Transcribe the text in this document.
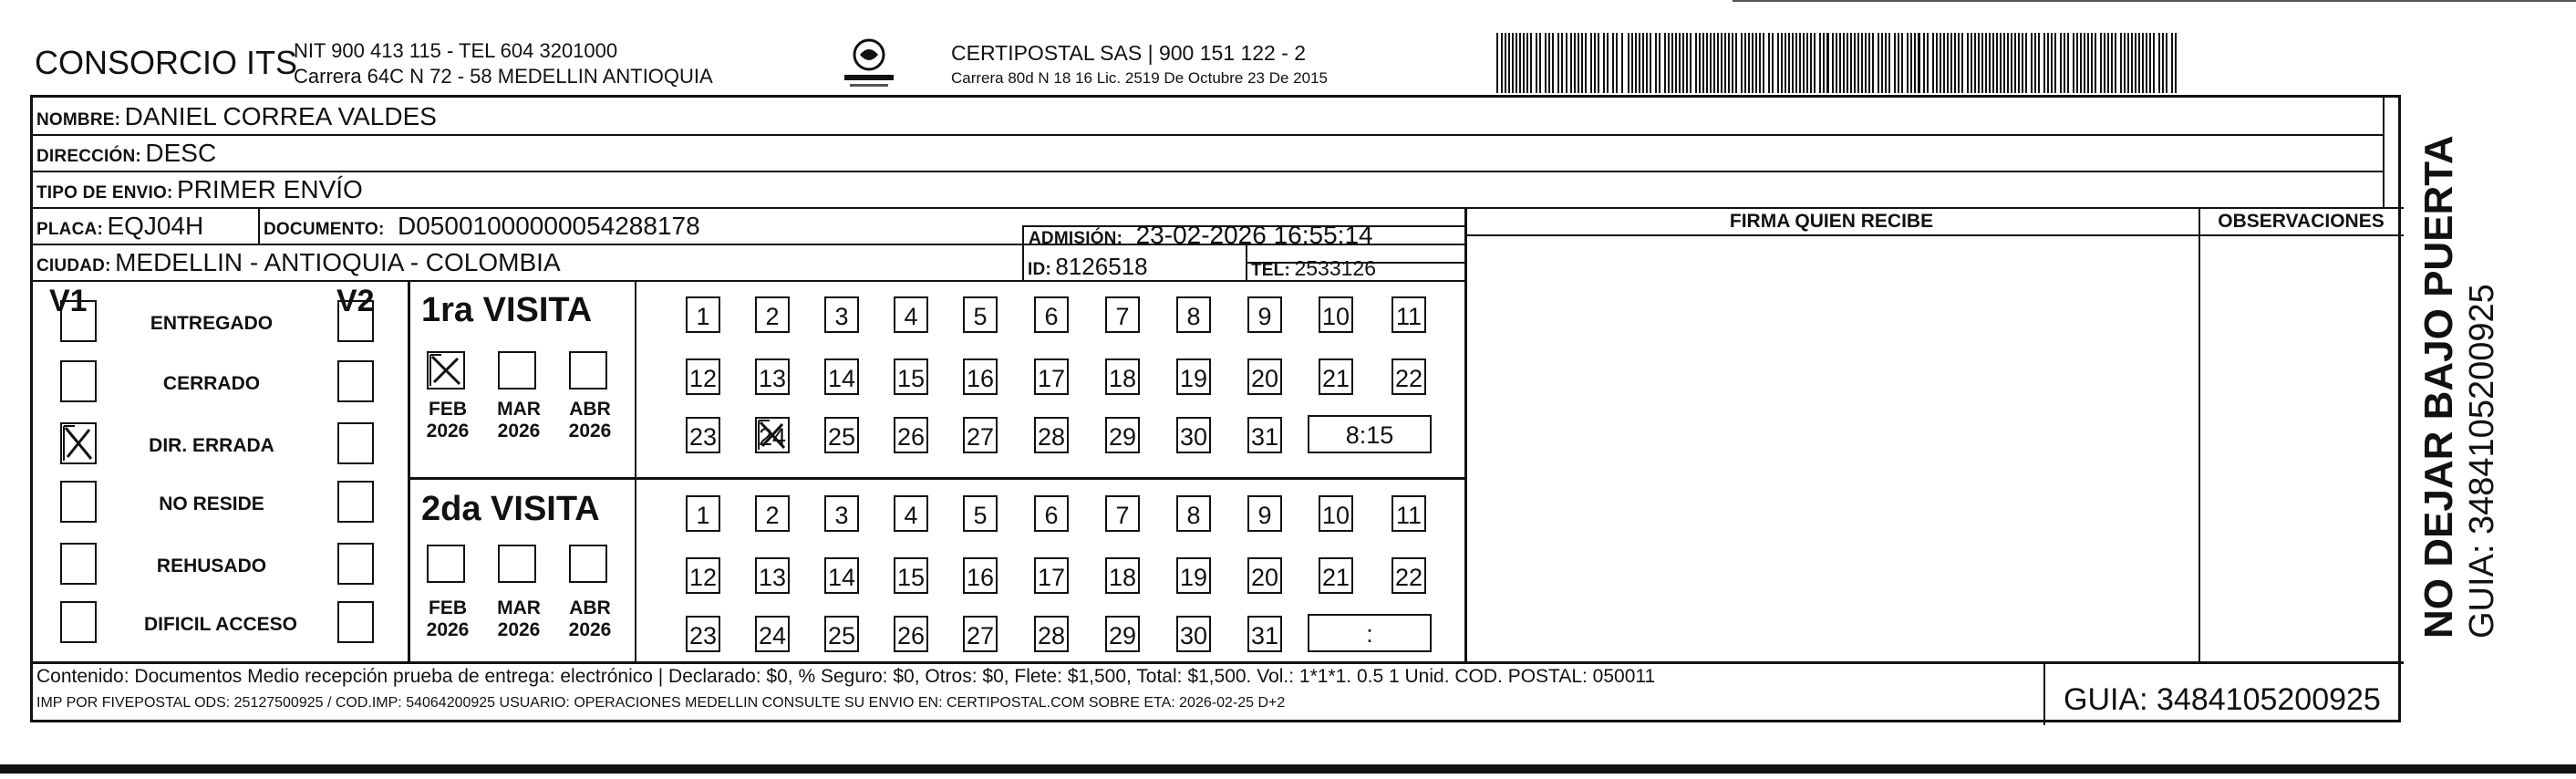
CONSORCIO ITS
NIT 900 413 115 - TEL 604 3201000
Carrera 64C N 72 - 58 MEDELLIN ANTIOQUIA
CERTIPOSTAL SAS | 900 151 122 - 2
Carrera 80d N 18 16 Lic. 2519 De Octubre 23 De 2015
NOMBRE: DANIEL CORREA VALDES
DIRECCIÓN: DESC
TIPO DE ENVIO: PRIMER ENVÍO
PLACA: EQJ04H	DOCUMENTO: D05001000000054288178	ADMISIÓN: 23-02-2026 16:55:14
CIUDAD: MEDELLIN - ANTIOQUIA - COLOMBIA	ID: 8126518	TEL: 2533126
FIRMA QUIEN RECIBE	OBSERVACIONES
V1	V2
ENTREGADO
CERRADO
DIR. ERRADA
NO RESIDE
REHUSADO
DIFICIL ACCESO
1ra VISITA
FEB
2026
MAR
2026
ABR
2026
1	2	3	4	5	6	7	8	9	10 11
12 13 14 15 16 17 18 19 20 21 22
23 24 25 26 27 28 29 30 31	8:15
2da VISITA
FEB
2026
MAR
2026
ABR
2026
1	2	3	4	5	6	7	8	9	10 11
12 13 14 15 16 17 18 19 20 21 22
23 24 25 26 27 28 29 30 31	:
Contenido: Documentos Medio recepción prueba de entrega: electrónico | Declarado: $0, % Seguro: $0, Otros: $0, Flete: $1,500, Total: $1,500. Vol.: 1*1*1. 0.5 1 Unid. COD. POSTAL: 050011
IMP POR FIVEPOSTAL ODS: 25127500925 / COD.IMP: 54064200925 USUARIO: OPERACIONES MEDELLIN CONSULTE SU ENVIO EN: CERTIPOSTAL.COM SOBRE ETA: 2026-02-25 D+2	GUIA: 3484105200925
NO DEJAR BAJO PUERTA GUIA: 3484105200925
